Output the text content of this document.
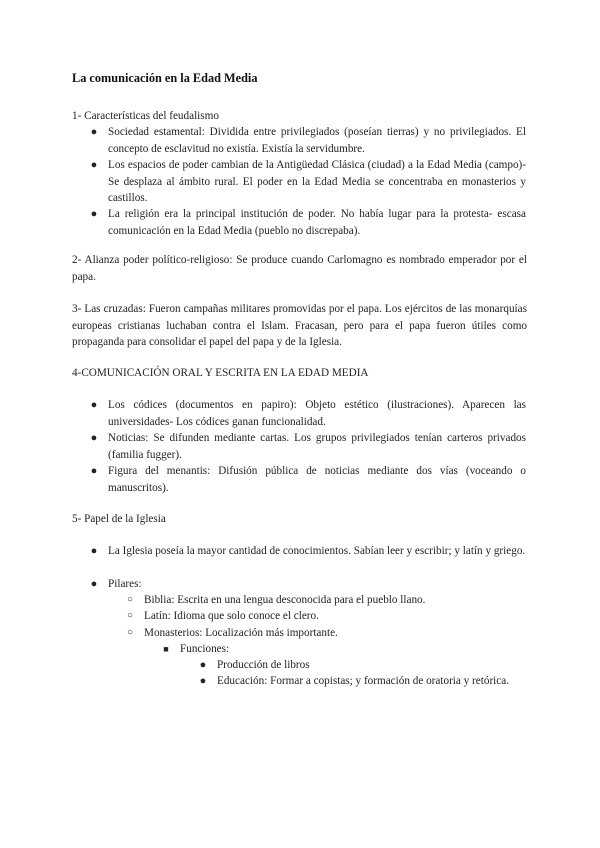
La comunicación en la Edad Media
1- Características del feudalismo
● Sociedad estamental: Dividida entre privilegiados (poseían tierras) y no privilegiados. El concepto de esclavitud no existía. Existía la servidumbre.
● Los espacios de poder cambian de la Antigüedad Clásica (ciudad) a la Edad Media (campo)-Se desplaza al ámbito rural. El poder en la Edad Media se concentraba en monasterios y castillos.
● La religión era la principal institución de poder. No había lugar para la protesta- escasa comunicación en la Edad Media (pueblo no discrepaba).
2- Alianza poder político-religioso: Se produce cuando Carlomagno es nombrado emperador por el papa.
3- Las cruzadas: Fueron campañas militares promovidas por el papa. Los ejércitos de las monarquías europeas cristianas luchaban contra el Islam. Fracasan, pero para el papa fueron útiles como propaganda para consolidar el papel del papa y de la Iglesia.
4-COMUNICACIÓN ORAL Y ESCRITA EN LA EDAD MEDIA
● Los códices (documentos en papiro): Objeto estético (ilustraciones). Aparecen las universidades- Los códices ganan funcionalidad.
● Noticias: Se difunden mediante cartas. Los grupos privilegiados tenían carteros privados (familia fugger).
● Figura del menantis: Difusión pública de noticias mediante dos vías (voceando o manuscritos).
5- Papel de la Iglesia
● La Iglesia poseía la mayor cantidad de conocimientos. Sabían leer y escribir; y latín y griego.
● Pilares:
○ Biblia: Escrita en una lengua desconocida para el pueblo llano.
○ Latín: Idioma que solo conoce el clero.
○ Monasterios: Localización más importante.
■ Funciones:
● Producción de libros
● Educación: Formar a copistas; y formación de oratoria y retórica.
